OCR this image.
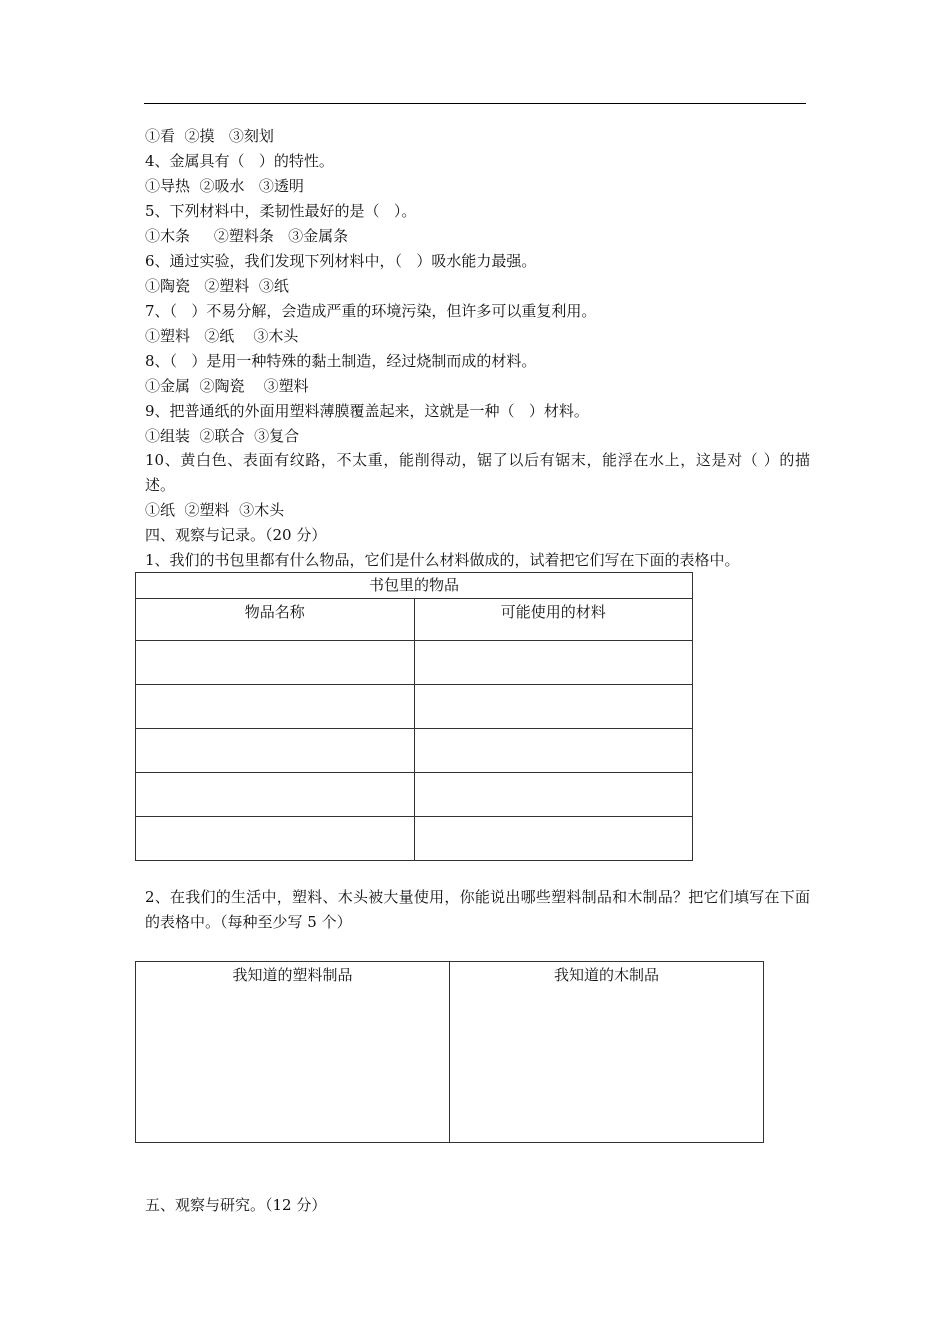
①看  ②摸   ③刻划
4、金属具有（   ）的特性。
①导热  ②吸水   ③透明
5、下列材料中，柔韧性最好的是（   ）。
①木条     ②塑料条   ③金属条
6、通过实验，我们发现下列材料中，（   ）吸水能力最强。
①陶瓷   ②塑料  ③纸
7、（   ）不易分解，会造成严重的环境污染，但许多可以重复利用。
①塑料   ②纸    ③木头
8、（   ）是用一种特殊的黏土制造，经过烧制而成的材料。
①金属  ②陶瓷    ③塑料
9、把普通纸的外面用塑料薄膜覆盖起来，这就是一种（   ）材料。
①组装  ②联合  ③复合
10、黄白色、表面有纹路，不太重，能削得动，锯了以后有锯末，能浮在水上，这是对（ ）的描述。
①纸  ②塑料  ③木头
四、观察与记录。（20 分）
1、我们的书包里都有什么物品，它们是什么材料做成的，试着把它们写在下面的表格中。
书包里的物品	
物品名称	可能使用的材料

2、在我们的生活中，塑料、木头被大量使用，你能说出哪些塑料制品和木制品？把它们填写在下面的表格中。（每种至少写 5 个）
我知道的塑料制品	我知道的木制品
五、观察与研究。（12 分）
